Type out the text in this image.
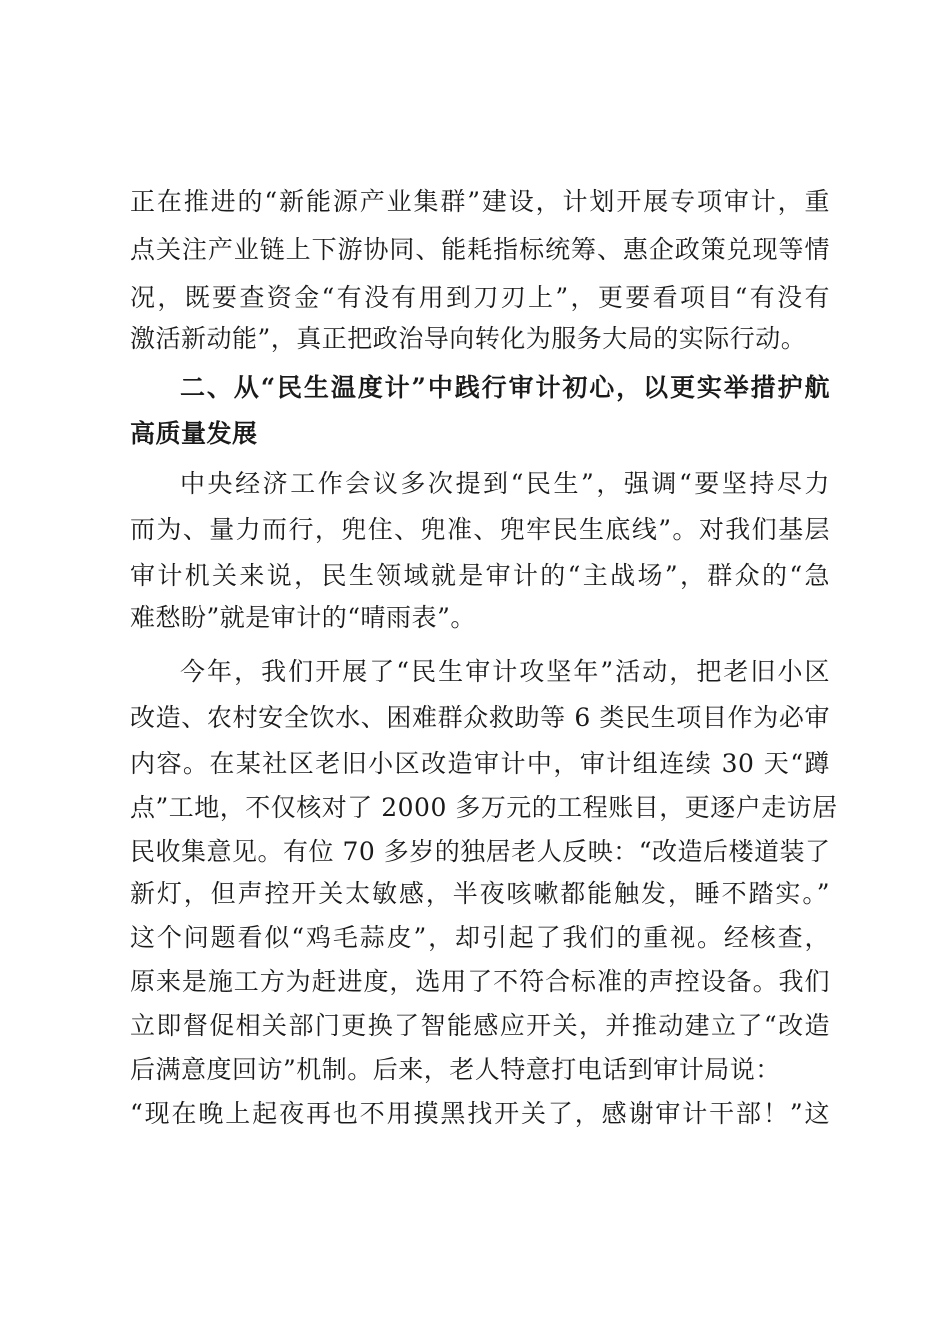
正在推进的“新能源产业集群”建设，计划开展专项审计，重
点关注产业链上下游协同、能耗指标统筹、惠企政策兑现等情
况，既要查资金“有没有用到刀刃上”，更要看项目“有没有
激活新动能”，真正把政治导向转化为服务大局的实际行动。
二、从“民生温度计”中践行审计初心，以更实举措护航
高质量发展
中央经济工作会议多次提到“民生”，强调“要坚持尽力
而为、量力而行，兜住、兜准、兜牢民生底线”。对我们基层
审计机关来说，民生领域就是审计的“主战场”，群众的“急
难愁盼”就是审计的“晴雨表”。
今年，我们开展了“民生审计攻坚年”活动，把老旧小区
改造、农村安全饮水、困难群众救助等 6 类民生项目作为必审
内容。在某社区老旧小区改造审计中，审计组连续 30 天“蹲
点”工地，不仅核对了 2000 多万元的工程账目，更逐户走访居
民收集意见。有位 70 多岁的独居老人反映：“改造后楼道装了
新灯，但声控开关太敏感，半夜咳嗽都能触发，睡不踏实。”
这个问题看似“鸡毛蒜皮”，却引起了我们的重视。经核查，
原来是施工方为赶进度，选用了不符合标准的声控设备。我们
立即督促相关部门更换了智能感应开关，并推动建立了“改造
后满意度回访”机制。后来，老人特意打电话到审计局说：
“现在晚上起夜再也不用摸黑找开关了，感谢审计干部！”这
